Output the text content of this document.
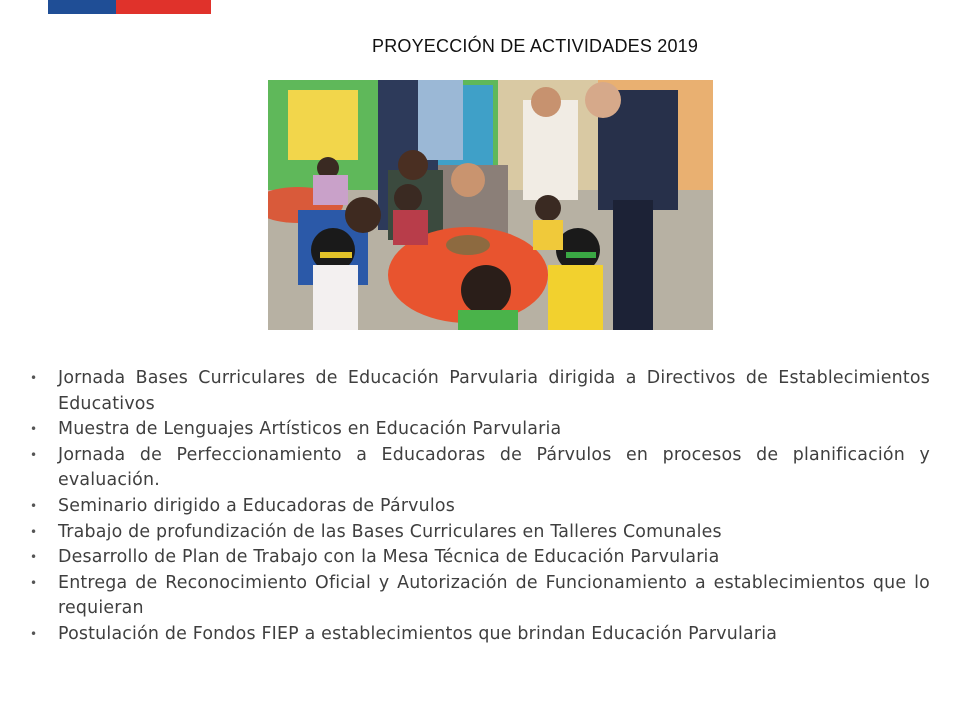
PROYECCIÓN DE ACTIVIDADES 2019
• Jornada Bases Curriculares de Educación Parvularia dirigida a Directivos de Establecimientos Educativos
• Muestra de Lenguajes Artísticos en Educación Parvularia
• Jornada de Perfeccionamiento a Educadoras de Párvulos en procesos de planificación y evaluación.
• Seminario dirigido a Educadoras de Párvulos
• Trabajo de profundización de las Bases Curriculares en Talleres Comunales
• Desarrollo de Plan de Trabajo con la Mesa Técnica de Educación Parvularia
• Entrega de Reconocimiento Oficial y Autorización de Funcionamiento a establecimientos que lo requieran
• Postulación de Fondos FIEP a establecimientos que brindan Educación Parvularia
